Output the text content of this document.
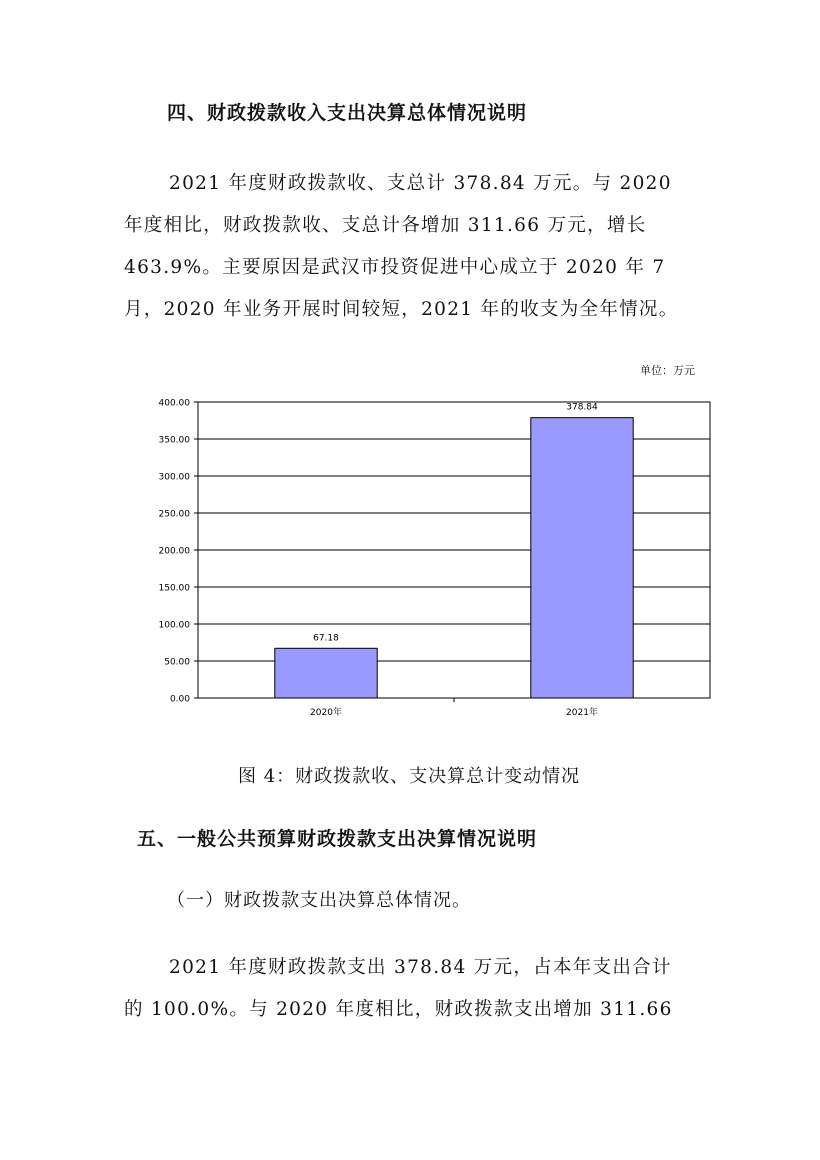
四、财政拨款收入支出决算总体情况说明
2021 年度财政拨款收、支总计 378.84 万元。与 2020
年度相比，财政拨款收、支总计各增加 311.66 万元，增长
463.9%。主要原因是武汉市投资促进中心成立于 2020 年 7
月，2020 年业务开展时间较短，2021 年的收支为全年情况。
单位：万元
0.00
50.00
100.00
150.00
200.00
250.00
300.00
350.00
400.00
67.18
378.84
2020年	2021年
图 4：财政拨款收、支决算总计变动情况
五、一般公共预算财政拨款支出决算情况说明
（一）财政拨款支出决算总体情况。
2021 年度财政拨款支出 378.84 万元，占本年支出合计
的 100.0%。与 2020 年度相比，财政拨款支出增加 311.66
